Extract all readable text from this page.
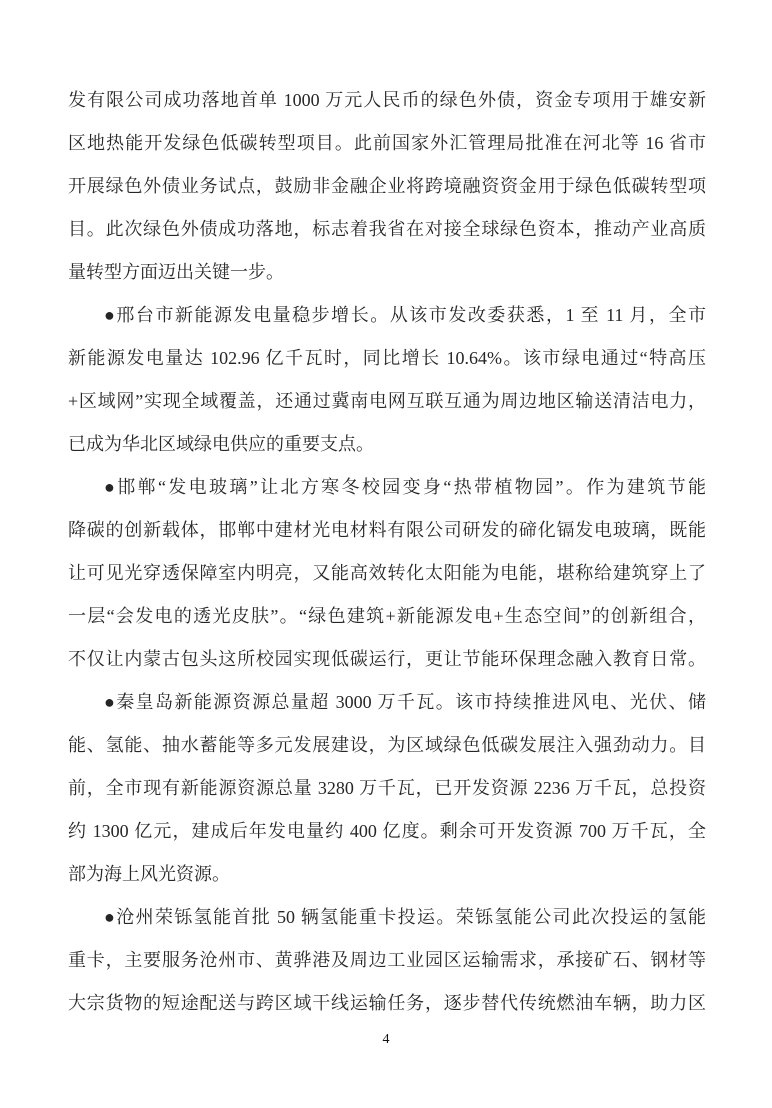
发有限公司成功落地首单 1000 万元人民币的绿色外债，资金专项用于雄安新
区地热能开发绿色低碳转型项目。此前国家外汇管理局批准在河北等 16 省市
开展绿色外债业务试点，鼓励非金融企业将跨境融资资金用于绿色低碳转型项
目。此次绿色外债成功落地，标志着我省在对接全球绿色资本，推动产业高质
量转型方面迈出关键一步。
●邢台市新能源发电量稳步增长。从该市发改委获悉，1 至 11 月，全市
新能源发电量达 102.96 亿千瓦时，同比增长 10.64%。该市绿电通过“特高压
+区域网”实现全域覆盖，还通过冀南电网互联互通为周边地区输送清洁电力，
已成为华北区域绿电供应的重要支点。
●邯郸“发电玻璃”让北方寒冬校园变身“热带植物园”。作为建筑节能
降碳的创新载体，邯郸中建材光电材料有限公司研发的碲化镉发电玻璃，既能
让可见光穿透保障室内明亮，又能高效转化太阳能为电能，堪称给建筑穿上了
一层“会发电的透光皮肤”。“绿色建筑+新能源发电+生态空间”的创新组合，
不仅让内蒙古包头这所校园实现低碳运行，更让节能环保理念融入教育日常。
●秦皇岛新能源资源总量超 3000 万千瓦。该市持续推进风电、光伏、储
能、氢能、抽水蓄能等多元发展建设，为区域绿色低碳发展注入强劲动力。目
前，全市现有新能源资源总量 3280 万千瓦，已开发资源 2236 万千瓦，总投资
约 1300 亿元，建成后年发电量约 400 亿度。剩余可开发资源 700 万千瓦，全
部为海上风光资源。
●沧州荣铄氢能首批 50 辆氢能重卡投运。荣铄氢能公司此次投运的氢能
重卡，主要服务沧州市、黄骅港及周边工业园区运输需求，承接矿石、钢材等
大宗货物的短途配送与跨区域干线运输任务，逐步替代传统燃油车辆，助力区
4
